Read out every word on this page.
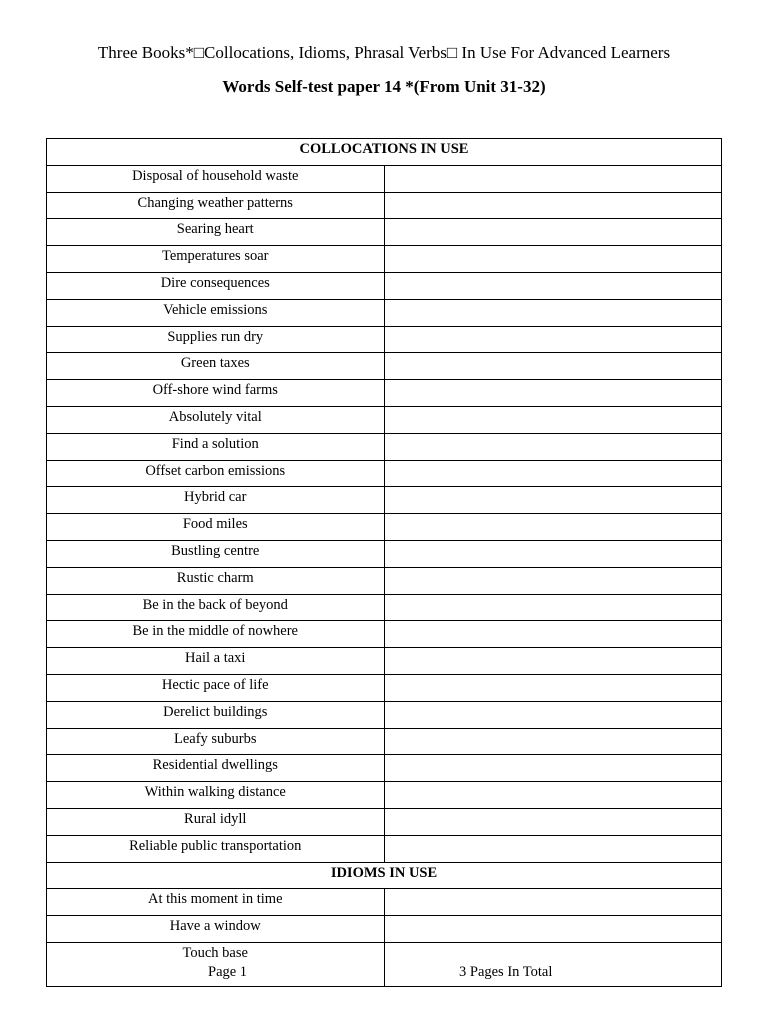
Three Books*□Collocations, Idioms, Phrasal Verbs□ In Use For Advanced Learners
Words Self-test paper 14 *(From Unit 31-32)
COLLOCATIONS IN USE	
Disposal of household waste	
Changing weather patterns	
Searing heart	
Temperatures soar	
Dire consequences	
Vehicle emissions	
Supplies run dry	
Green taxes	
Off-shore wind farms	
Absolutely vital	
Find a solution	
Offset carbon emissions	
Hybrid car	
Food miles	
Bustling centre	
Rustic charm	
Be in the back of beyond	
Be in the middle of nowhere	
Hail a taxi	
Hectic pace of life	
Derelict buildings	
Leafy suburbs	
Residential dwellings	
Within walking distance	
Rural idyll	
Reliable public transportation	
IDIOMS IN USE	
At this moment in time	
Have a window	
Touch base	
Page 1	3 Pages In Total
